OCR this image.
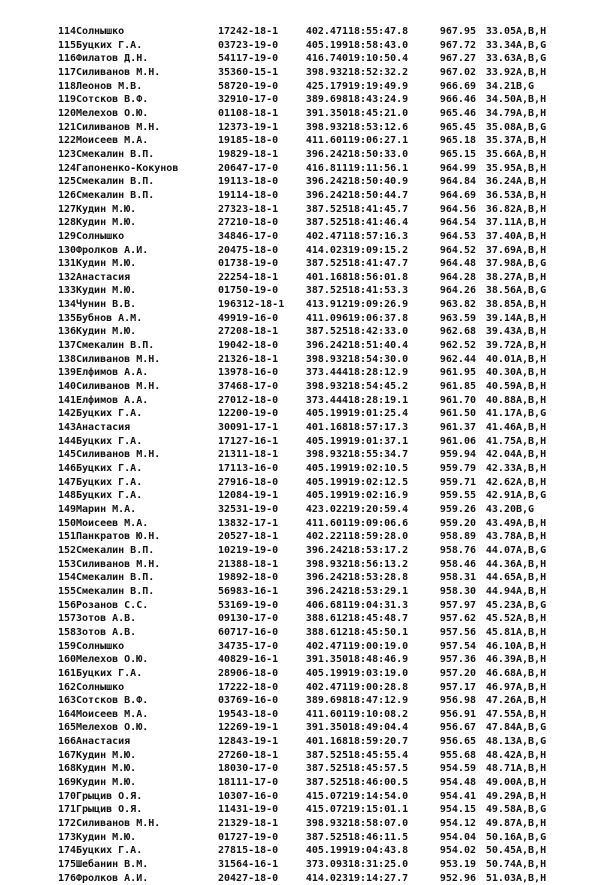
114	Солнышко	17242-18-1	402.471	18:55:47.8	967.95	33.05	A,B,H
115	Буцких Г.А.	03723-19-0	405.199	18:58:43.0	967.72	33.34	A,B,G
116	Филатов Д.Н.	54117-19-0	416.740	19:10:50.4	967.27	33.63	A,B,G
117	Силиванов М.Н.	35360-15-1	398.932	18:52:32.2	967.02	33.92	A,B,H
118	Леонов М.В.	58720-19-0	425.179	19:19:49.9	966.69	34.21	B,G
119	Сотсков В.Ф.	32910-17-0	389.698	18:43:24.9	966.46	34.50	A,B,H
120	Мелехов О.Ю.	01108-18-1	391.350	18:45:21.0	965.46	34.79	A,B,H
121	Силиванов М.Н.	12373-19-1	398.932	18:53:12.6	965.45	35.08	A,B,G
122	Моисеев М.А.	19185-18-0	411.601	19:06:27.1	965.18	35.37	A,B,H
123	Смекалин В.П.	19829-18-1	396.242	18:50:33.0	965.15	35.66	A,B,H
124	Гапоненко-Кокунов	20647-17-0	416.811	19:11:56.1	964.99	35.95	A,B,H
125	Смекалин В.П.	19113-18-0	396.242	18:50:40.9	964.84	36.24	A,B,H
126	Смекалин В.П.	19114-18-0	396.242	18:50:44.7	964.69	36.53	A,B,H
127	Кудин М.Ю.	27323-18-1	387.525	18:41:45.7	964.56	36.82	A,B,H
128	Кудин М.Ю.	27210-18-0	387.525	18:41:46.4	964.54	37.11	A,B,H
129	Солнышко	34846-17-0	402.471	18:57:16.3	964.53	37.40	A,B,H
130	Фролков А.И.	20475-18-0	414.023	19:09:15.2	964.52	37.69	A,B,H
131	Кудин М.Ю.	01738-19-0	387.525	18:41:47.7	964.48	37.98	A,B,G
132	Анастасия	22254-18-1	401.168	18:56:01.8	964.28	38.27	A,B,H
133	Кудин М.Ю.	01750-19-0	387.525	18:41:53.3	964.26	38.56	A,B,G
134	Чунин В.В.	196312-18-1	413.912	19:09:26.9	963.82	38.85	A,B,H
135	Бубнов А.М.	49919-16-0	411.096	19:06:37.8	963.59	39.14	A,B,H
136	Кудин М.Ю.	27208-18-1	387.525	18:42:33.0	962.68	39.43	A,B,H
137	Смекалин В.П.	19042-18-0	396.242	18:51:40.4	962.52	39.72	A,B,H
138	Силиванов М.Н.	21326-18-1	398.932	18:54:30.0	962.44	40.01	A,B,H
139	Елфимов А.А.	13978-16-0	373.444	18:28:12.9	961.95	40.30	A,B,H
140	Силиванов М.Н.	37468-17-0	398.932	18:54:45.2	961.85	40.59	A,B,H
141	Елфимов А.А.	27012-18-0	373.444	18:28:19.1	961.70	40.88	A,B,H
142	Буцких Г.А.	12200-19-0	405.199	19:01:25.4	961.50	41.17	A,B,G
143	Анастасия	30091-17-1	401.168	18:57:17.3	961.37	41.46	A,B,H
144	Буцких Г.А.	17127-16-1	405.199	19:01:37.1	961.06	41.75	A,B,H
145	Силиванов М.Н.	21311-18-1	398.932	18:55:34.7	959.94	42.04	A,B,H
146	Буцких Г.А.	17113-16-0	405.199	19:02:10.5	959.79	42.33	A,B,H
147	Буцких Г.А.	27916-18-0	405.199	19:02:12.5	959.71	42.62	A,B,H
148	Буцких Г.А.	12084-19-1	405.199	19:02:16.9	959.55	42.91	A,B,G
149	Марин М.А.	32531-19-0	423.022	19:20:59.4	959.26	43.20	B,G
150	Моисеев М.А.	13832-17-1	411.601	19:09:06.6	959.20	43.49	A,B,H
151	Панкратов Ю.Н.	20527-18-1	402.221	18:59:28.0	958.89	43.78	A,B,H
152	Смекалин В.П.	10219-19-0	396.242	18:53:17.2	958.76	44.07	A,B,G
153	Силиванов М.Н.	21388-18-1	398.932	18:56:13.2	958.46	44.36	A,B,H
154	Смекалин В.П.	19892-18-0	396.242	18:53:28.8	958.31	44.65	A,B,H
155	Смекалин В.П.	56983-16-1	396.242	18:53:29.1	958.30	44.94	A,B,H
156	Розанов С.С.	53169-19-0	406.681	19:04:31.3	957.97	45.23	A,B,G
157	Зотов А.В.	09130-17-0	388.612	18:45:48.7	957.62	45.52	A,B,H
158	Зотов А.В.	60717-16-0	388.612	18:45:50.1	957.56	45.81	A,B,H
159	Солнышко	34735-17-0	402.471	19:00:19.0	957.54	46.10	A,B,H
160	Мелехов О.Ю.	40829-16-1	391.350	18:48:46.9	957.36	46.39	A,B,H
161	Буцких Г.А.	28906-18-0	405.199	19:03:19.0	957.20	46.68	A,B,H
162	Солнышко	17222-18-0	402.471	19:00:28.8	957.17	46.97	A,B,H
163	Сотсков В.Ф.	03769-16-0	389.698	18:47:12.9	956.98	47.26	A,B,H
164	Моисеев М.А.	19543-18-0	411.601	19:10:08.2	956.91	47.55	A,B,H
165	Мелехов О.Ю.	12269-19-1	391.350	18:49:04.4	956.67	47.84	A,B,G
166	Анастасия	12843-19-1	401.168	18:59:20.7	956.65	48.13	A,B,G
167	Кудин М.Ю.	27260-18-1	387.525	18:45:55.4	955.68	48.42	A,B,H
168	Кудин М.Ю.	18030-17-0	387.525	18:45:57.5	954.59	48.71	A,B,H
169	Кудин М.Ю.	18111-17-0	387.525	18:46:00.5	954.48	49.00	A,B,H
170	Грыцив О.Я.	10307-16-0	415.072	19:14:54.0	954.41	49.29	A,B,H
171	Грыцив О.Я.	11431-19-0	415.072	19:15:01.1	954.15	49.58	A,B,G
172	Силиванов М.Н.	21329-18-1	398.932	18:58:07.0	954.12	49.87	A,B,H
173	Кудин М.Ю.	01727-19-0	387.525	18:46:11.5	954.04	50.16	A,B,G
174	Буцких Г.А.	27815-18-0	405.199	19:04:43.8	954.02	50.45	A,B,H
175	Шебанин В.М.	31564-16-1	373.093	18:31:25.0	953.19	50.74	A,B,H
176	Фролков А.И.	20427-18-0	414.023	19:14:27.7	952.96	51.03	A,B,H
